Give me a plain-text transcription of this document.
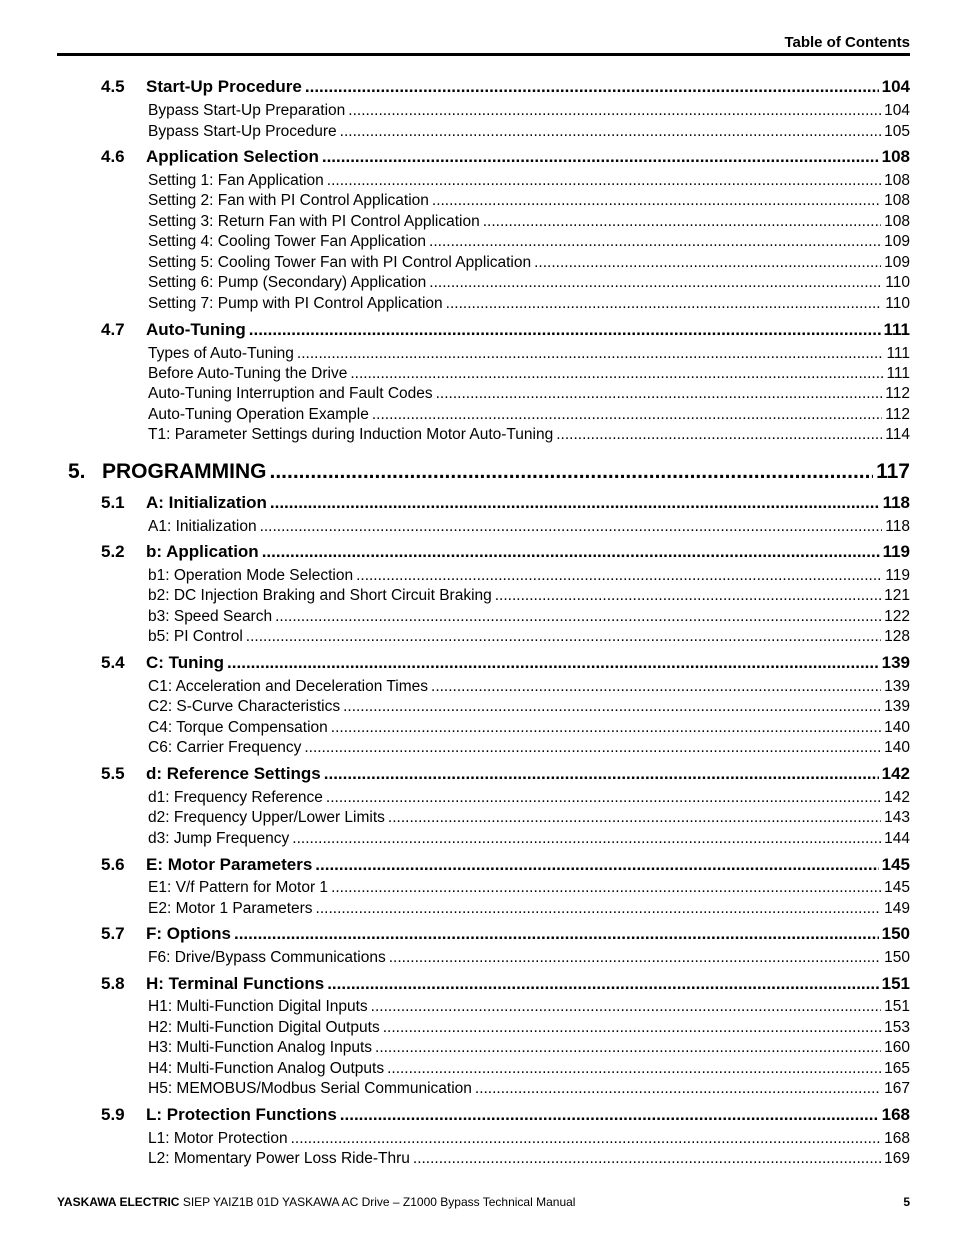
Table of Contents
4.5	Start-Up Procedure .....	104
Bypass Start-Up Preparation .....	104
Bypass Start-Up Procedure .....	105
4.6	Application Selection .....	108
Setting 1: Fan Application .....	108
Setting 2: Fan with PI Control Application .....	108
Setting 3: Return Fan with PI Control Application .....	108
Setting 4: Cooling Tower Fan Application .....	109
Setting 5: Cooling Tower Fan with PI Control Application .....	109
Setting 6: Pump (Secondary) Application .....	110
Setting 7: Pump with PI Control Application .....	110
4.7	Auto-Tuning .....	111
Types of Auto-Tuning .....	111
Before Auto-Tuning the Drive .....	111
Auto-Tuning Interruption and Fault Codes .....	112
Auto-Tuning Operation Example .....	112
T1: Parameter Settings during Induction Motor Auto-Tuning .....	114
5. PROGRAMMING .....	117
5.1	A: Initialization .....	118
A1: Initialization .....	118
5.2	b: Application .....	119
b1: Operation Mode Selection .....	119
b2: DC Injection Braking and Short Circuit Braking .....	121
b3: Speed Search .....	122
b5: PI Control .....	128
5.4	C: Tuning .....	139
C1: Acceleration and Deceleration Times .....	139
C2: S-Curve Characteristics .....	139
C4: Torque Compensation .....	140
C6: Carrier Frequency .....	140
5.5	d: Reference Settings .....	142
d1: Frequency Reference .....	142
d2: Frequency Upper/Lower Limits .....	143
d3: Jump Frequency .....	144
5.6	E: Motor Parameters .....	145
E1: V/f Pattern for Motor 1 .....	145
E2: Motor 1 Parameters .....	149
5.7	F: Options .....	150
F6: Drive/Bypass Communications .....	150
5.8	H: Terminal Functions .....	151
H1: Multi-Function Digital Inputs .....	151
H2: Multi-Function Digital Outputs .....	153
H3: Multi-Function Analog Inputs .....	160
H4: Multi-Function Analog Outputs .....	165
H5: MEMOBUS/Modbus Serial Communication .....	167
5.9	L: Protection Functions .....	168
L1: Motor Protection .....	168
L2: Momentary Power Loss Ride-Thru .....	169
YASKAWA ELECTRIC SIEP YAIZ1B 01D YASKAWA AC Drive – Z1000 Bypass Technical Manual	5
